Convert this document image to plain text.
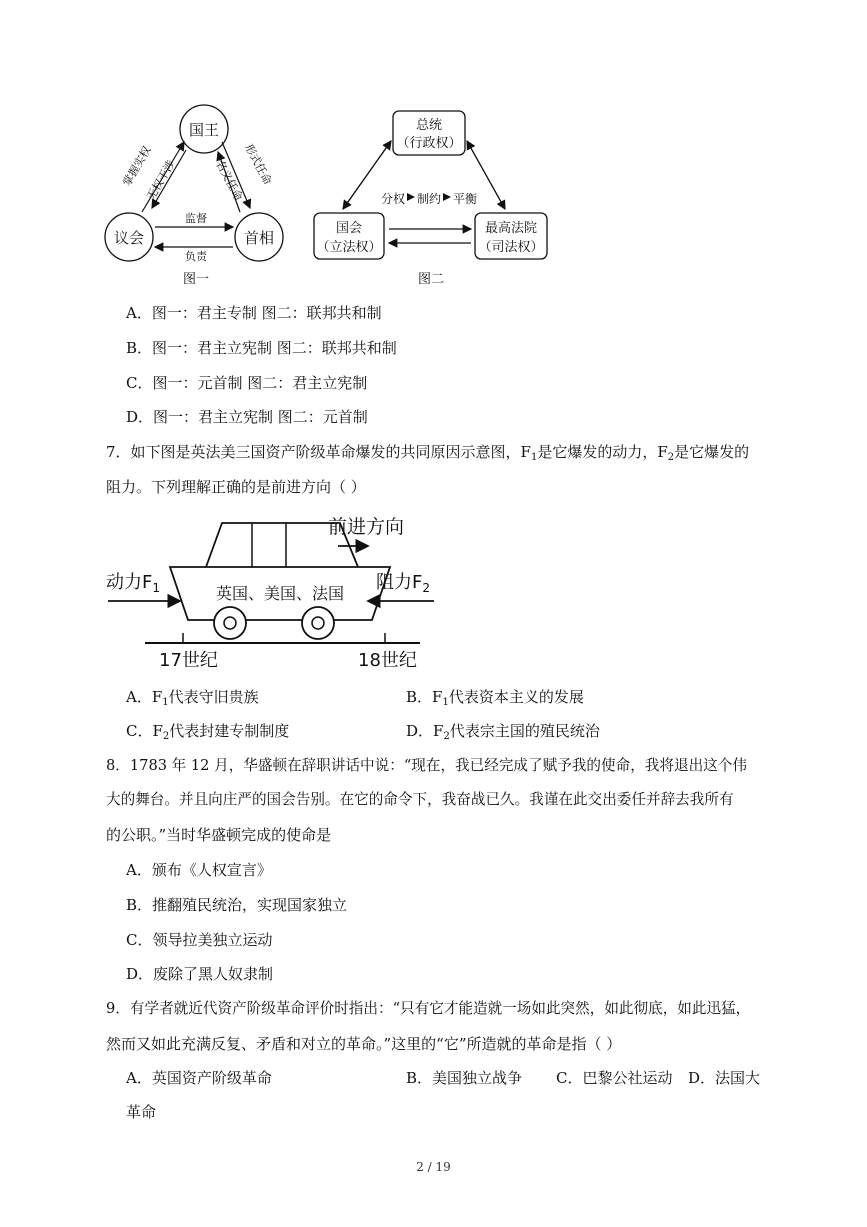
国王
议会	首相
掌握实权
无权干涉	形式任命
名义任命
监督
负责
图一
总统
（行政权）
国会
（立法权）
最高法院
（司法权）
分权 制约 平衡
图二
A．图一：君主专制 图二：联邦共和制
B．图一：君主立宪制 图二：联邦共和制
C．图一：元首制 图二：君主立宪制
D．图一：君主立宪制 图二：元首制
7．如下图是英法美三国资产阶级革命爆发的共同原因示意图，$F_1$是它爆发的动力，$F_2$是它爆发的
阻力。下列理解正确的是前进方向（ ）
前进方向
动力$F_1$	阻力$F_2$
英国、美国、法国
17世纪	18世纪
A．$F_1$代表守旧贵族	B．$F_1$代表资本主义的发展
C．$F_2$代表封建专制制度	D．$F_2$代表宗主国的殖民统治
8．1783 年 12 月，华盛顿在辞职讲话中说：“现在，我已经完成了赋予我的使命，我将退出这个伟
大的舞台。并且向庄严的国会告别。在它的命令下，我奋战已久。我谨在此交出委任并辞去我所有
的公职。”当时华盛顿完成的使命是
A．颁布《人权宣言》
B．推翻殖民统治，实现国家独立
C．领导拉美独立运动
D．废除了黑人奴隶制
9．有学者就近代资产阶级革命评价时指出：“只有它才能造就一场如此突然，如此彻底，如此迅猛，
然而又如此充满反复、矛盾和对立的革命。”这里的“它”所造就的革命是指（ ）
A．英国资产阶级革命	B．美国独立战争 C．巴黎公社运动 D．法国大
革命
2 / 19
